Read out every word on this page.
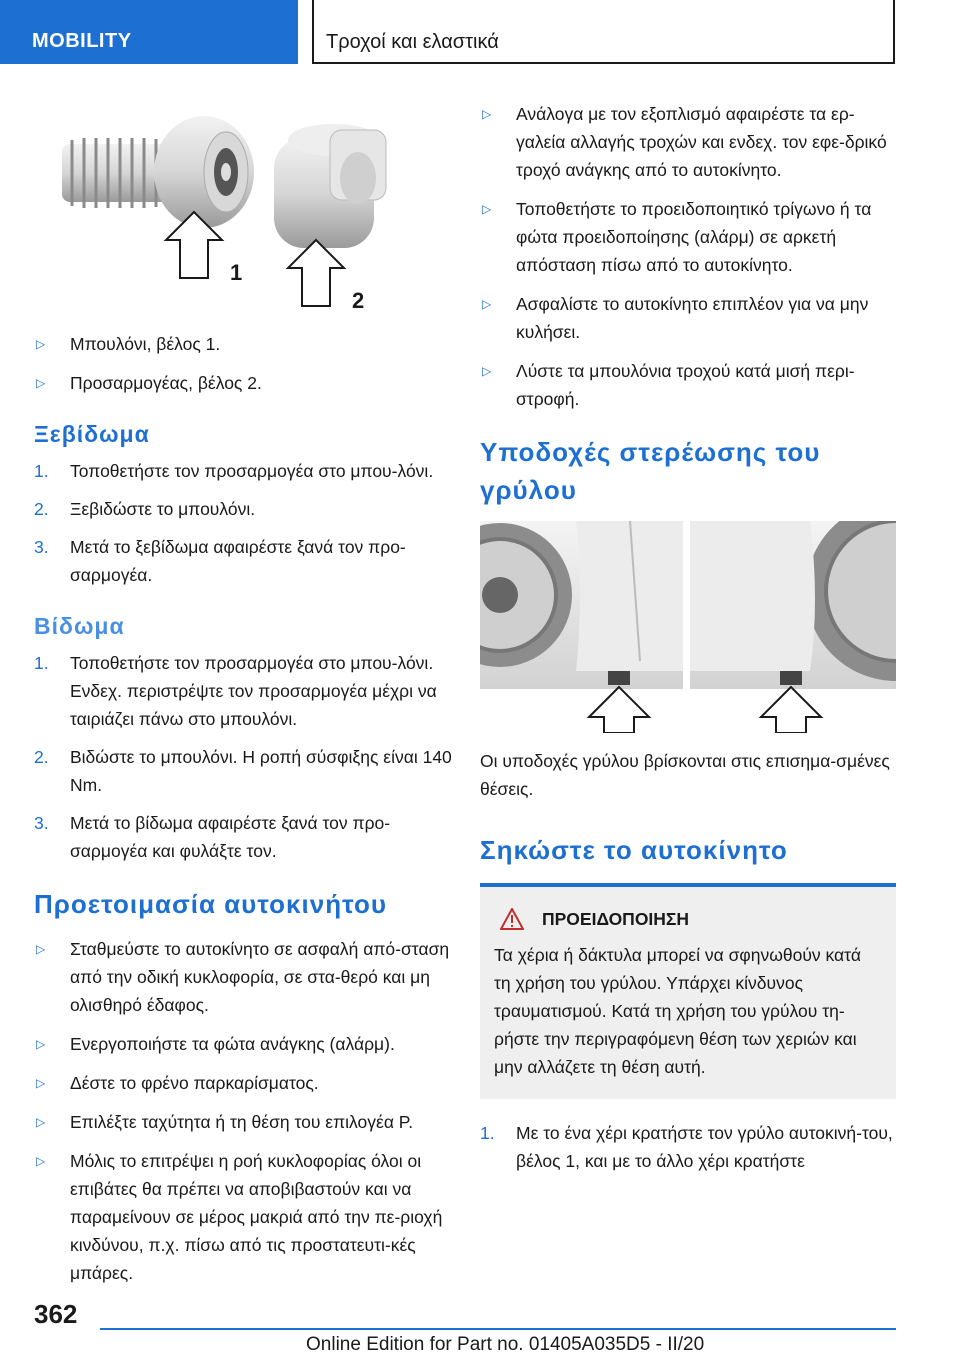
MOBILITY	Τροχοί και ελαστικά
1
2
▷ Μπουλόνι, βέλος 1.
▷ Προσαρμογέας, βέλος 2.
Ξεβίδωμα
1. Τοποθετήστε τον προσαρμογέα στο μπου-λόνι.
2. Ξεβιδώστε το μπουλόνι.
3. Μετά το ξεβίδωμα αφαιρέστε ξανά τον προ-σαρμογέα.
Βίδωμα
1. Τοποθετήστε τον προσαρμογέα στο μπου-λόνι. Ενδεχ. περιστρέψτε τον προσαρμογέα μέχρι να ταιριάζει πάνω στο μπουλόνι.
2. Βιδώστε το μπουλόνι. Η ροπή σύσφιξης είναι 140 Nm.
3. Μετά το βίδωμα αφαιρέστε ξανά τον προ-σαρμογέα και φυλάξτε τον.
Προετοιμασία αυτοκινήτου
▷ Σταθμεύστε το αυτοκίνητο σε ασφαλή από-σταση από την οδική κυκλοφορία, σε στα-θερό και μη ολισθηρό έδαφος.
▷ Ενεργοποιήστε τα φώτα ανάγκης (αλάρμ).
▷ Δέστε το φρένο παρκαρίσματος.
▷ Επιλέξτε ταχύτητα ή τη θέση του επιλογέα P.
▷ Μόλις το επιτρέψει η ροή κυκλοφορίας όλοι οι επιβάτες θα πρέπει να αποβιβαστούν και να παραμείνουν σε μέρος μακριά από την πε-ριοχή κινδύνου, π.χ. πίσω από τις προστατευτι-κές μπάρες.
▷ Ανάλογα με τον εξοπλισμό αφαιρέστε τα ερ-γαλεία αλλαγής τροχών και ενδεχ. τον εφε-δρικό τροχό ανάγκης από το αυτοκίνητο.
▷ Τοποθετήστε το προειδοποιητικό τρίγωνο ή τα φώτα προειδοποίησης (αλάρμ) σε αρκετή απόσταση πίσω από το αυτοκίνητο.
▷ Ασφαλίστε το αυτοκίνητο επιπλέον για να μην κυλήσει.
▷ Λύστε τα μπουλόνια τροχού κατά μισή περι-στροφή.
Υποδοχές στερέωσης του γρύλου

Οι υποδοχές γρύλου βρίσκονται στις επισημα-σμένες θέσεις.

Σηκώστε το αυτοκίνητο
ΠΡΟΕΙΔΟΠΟΙΗΣΗ

Τα χέρια ή δάκτυλα μπορεί να σφηνωθούν κατά τη χρήση του γρύλου. Υπάρχει κίνδυνος τραυματισμού. Κατά τη χρήση του γρύλου τη-ρήστε την περιγραφόμενη θέση των χεριών και μην αλλάζετε τη θέση αυτή.

1. Με το ένα χέρι κρατήστε τον γρύλο αυτοκινή-του, βέλος 1, και με το άλλο χέρι κρατήστε
362
Online Edition for Part no. 01405A035D5 - II/20
